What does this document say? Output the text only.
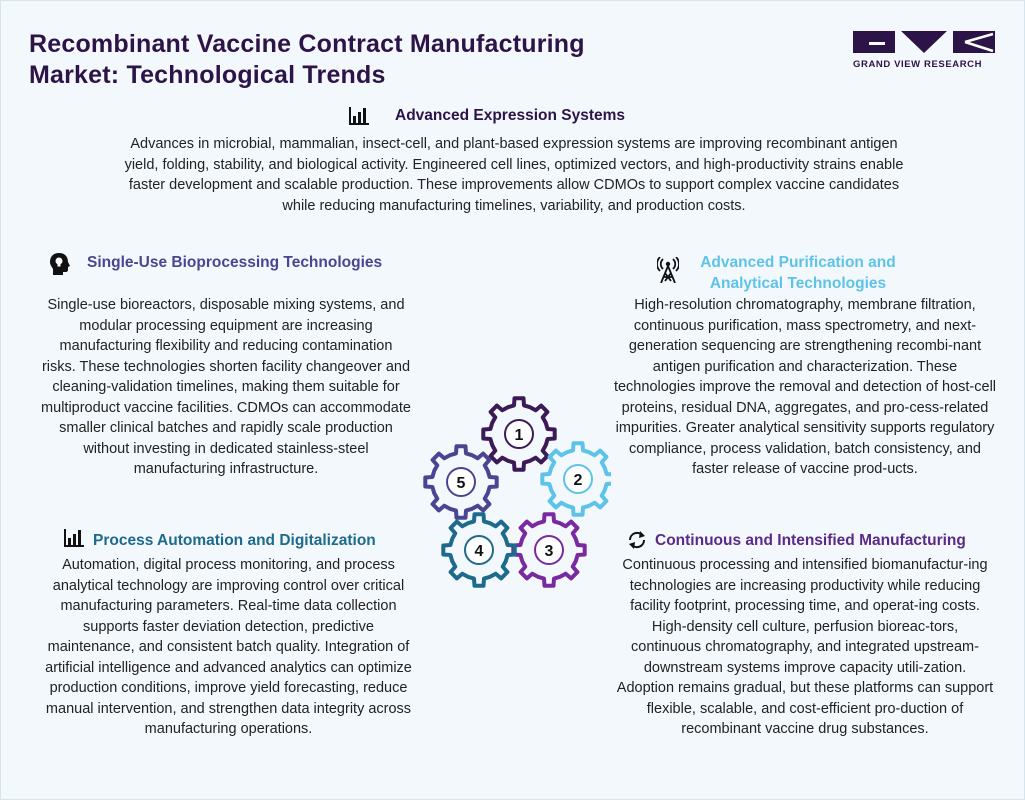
Recombinant Vaccine Contract Manufacturing Market: Technological Trends	GRAND VIEW RESEARCH
Advanced Expression Systems
Advances in microbial, mammalian, insect-cell, and plant-based expression systems are improving recombinant antigen yield, folding, stability, and biological activity. Engineered cell lines, optimized vectors, and high-productivity strains enable faster development and scalable production. These improvements allow CDMOs to support complex vaccine candidates while reducing manufacturing timelines, variability, and production costs.
Single-Use Bioprocessing Technologies
Single-use bioreactors, disposable mixing systems, and modular processing equipment are increasing manufacturing flexibility and reducing contamination risks. These technologies shorten facility changeover and cleaning-validation timelines, making them suitable for multiproduct vaccine facilities. CDMOs can accommodate smaller clinical batches and rapidly scale production without investing in dedicated stainless-steel manufacturing infrastructure.
Advanced Purification and Analytical Technologies
High-resolution chromatography, membrane filtration, continuous purification, mass spectrometry, and next-generation sequencing are strengthening recombi-nant antigen purification and characterization. These technologies improve the removal and detection of host-cell proteins, residual DNA, aggregates, and pro-cess-related impurities. Greater analytical sensitivity supports regulatory compliance, process validation, batch consistency, and faster release of vaccine prod-ucts.
Process Automation and Digitalization
Automation, digital process monitoring, and process analytical technology are improving control over critical manufacturing parameters. Real-time data collection supports faster deviation detection, predictive maintenance, and consistent batch quality. Integration of artificial intelligence and advanced analytics can optimize production conditions, improve yield forecasting, reduce manual intervention, and strengthen data integrity across manufacturing operations.
Continuous and Intensified Manufacturing
Continuous processing and intensified biomanufactur-ing technologies are increasing productivity while reducing facility footprint, processing time, and operat-ing costs. High-density cell culture, perfusion bioreac-tors, continuous chromatography, and integrated upstream-downstream systems improve capacity utili-zation. Adoption remains gradual, but these platforms can support flexible, scalable, and cost-efficient pro-duction of recombinant vaccine drug substances.
1
2
3
4
5
